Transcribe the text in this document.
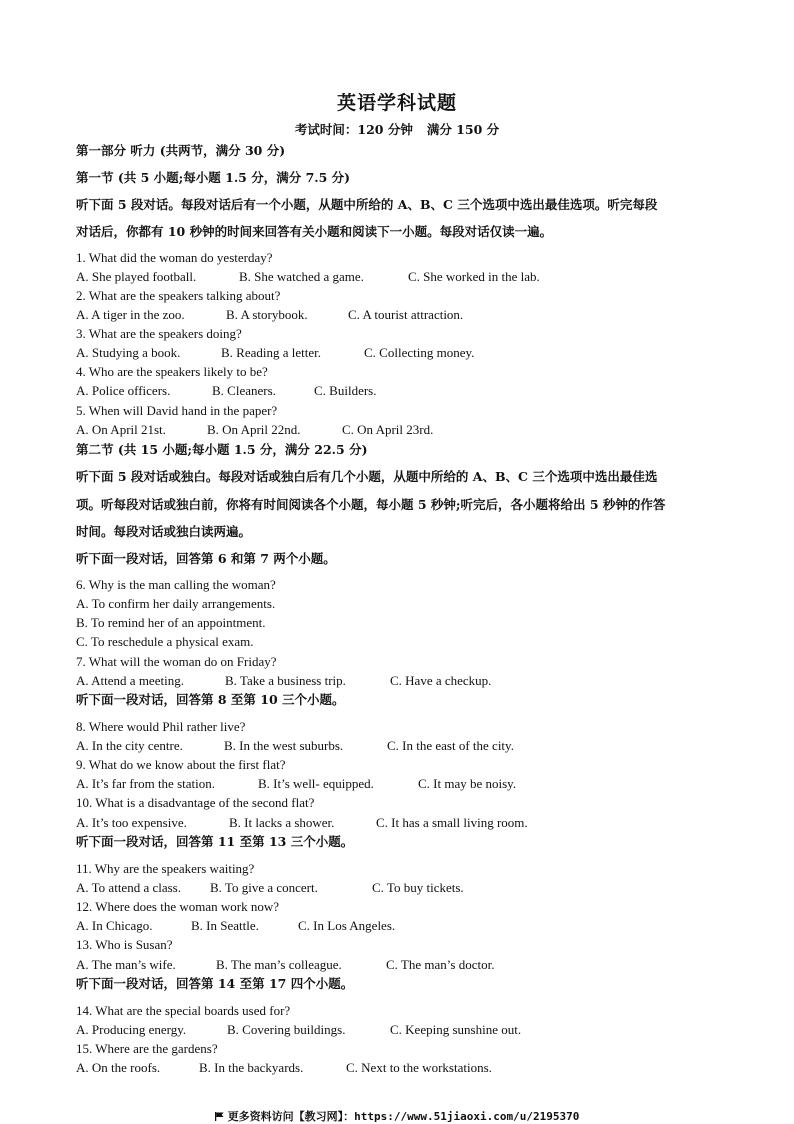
英语学科试题
考试时间：120 分钟 满分 150 分
第一部分 听力 (共两节，满分 30 分)
第一节 (共 5 小题;每小题 1.5 分，满分 7.5 分)
听下面 5 段对话。每段对话后有一个小题，从题中所给的 A、B、C 三个选项中选出最佳选项。听完每段
对话后，你都有 10 秒钟的时间来回答有关小题和阅读下一小题。每段对话仅读一遍。
1. What did the woman do yesterday?
A. She played football.	B. She watched a game.	C. She worked in the lab.
2. What are the speakers talking about?
A. A tiger in the zoo.	B. A storybook.	C. A tourist attraction.
3. What are the speakers doing?
A. Studying a book.	B. Reading a letter.	C. Collecting money.
4. Who are the speakers likely to be?
A. Police officers.	B. Cleaners.	C. Builders.
5. When will David hand in the paper?
A. On April 21st.	B. On April 22nd.	C. On April 23rd.
第二节 (共 15 小题;每小题 1.5 分，满分 22.5 分)
听下面 5 段对话或独白。每段对话或独白后有几个小题，从题中所给的 A、B、C 三个选项中选出最佳选
项。听每段对话或独白前，你将有时间阅读各个小题，每小题 5 秒钟;听完后，各小题将给出 5 秒钟的作答
时间。每段对话或独白读两遍。
听下面一段对话，回答第 6 和第 7 两个小题。
6. Why is the man calling the woman?
A. To confirm her daily arrangements.
B. To remind her of an appointment.
C. To reschedule a physical exam.
7. What will the woman do on Friday?
A. Attend a meeting.	B. Take a business trip.	C. Have a checkup.
听下面一段对话，回答第 8 至第 10 三个小题。
8. Where would Phil rather live?
A. In the city centre.	B. In the west suburbs.	C. In the east of the city.
9. What do we know about the first flat?
A. It’s far from the station.	B. It’s well- equipped.	C. It may be noisy.
10. What is a disadvantage of the second flat?
A. It’s too expensive.	B. It lacks a shower.	C. It has a small living room.
听下面一段对话，回答第 11 至第 13 三个小题。
11. Why are the speakers waiting?
A. To attend a class. B. To give a concert.	C. To buy tickets.
12. Where does the woman work now?
A. In Chicago.	B. In Seattle.	C. In Los Angeles.
13. Who is Susan?
A. The man’s wife.	B. The man’s colleague.	C. The man’s doctor.
听下面一段对话，回答第 14 至第 17 四个小题。
14. What are the special boards used for?
A. Producing energy.	B. Covering buildings.	C. Keeping sunshine out.
15. Where are the gardens?
A. On the roofs.	B. In the backyards.	C. Next to the workstations.
更多资料访问【教习网】：https://www.51jiaoxi.com/u/2195370
